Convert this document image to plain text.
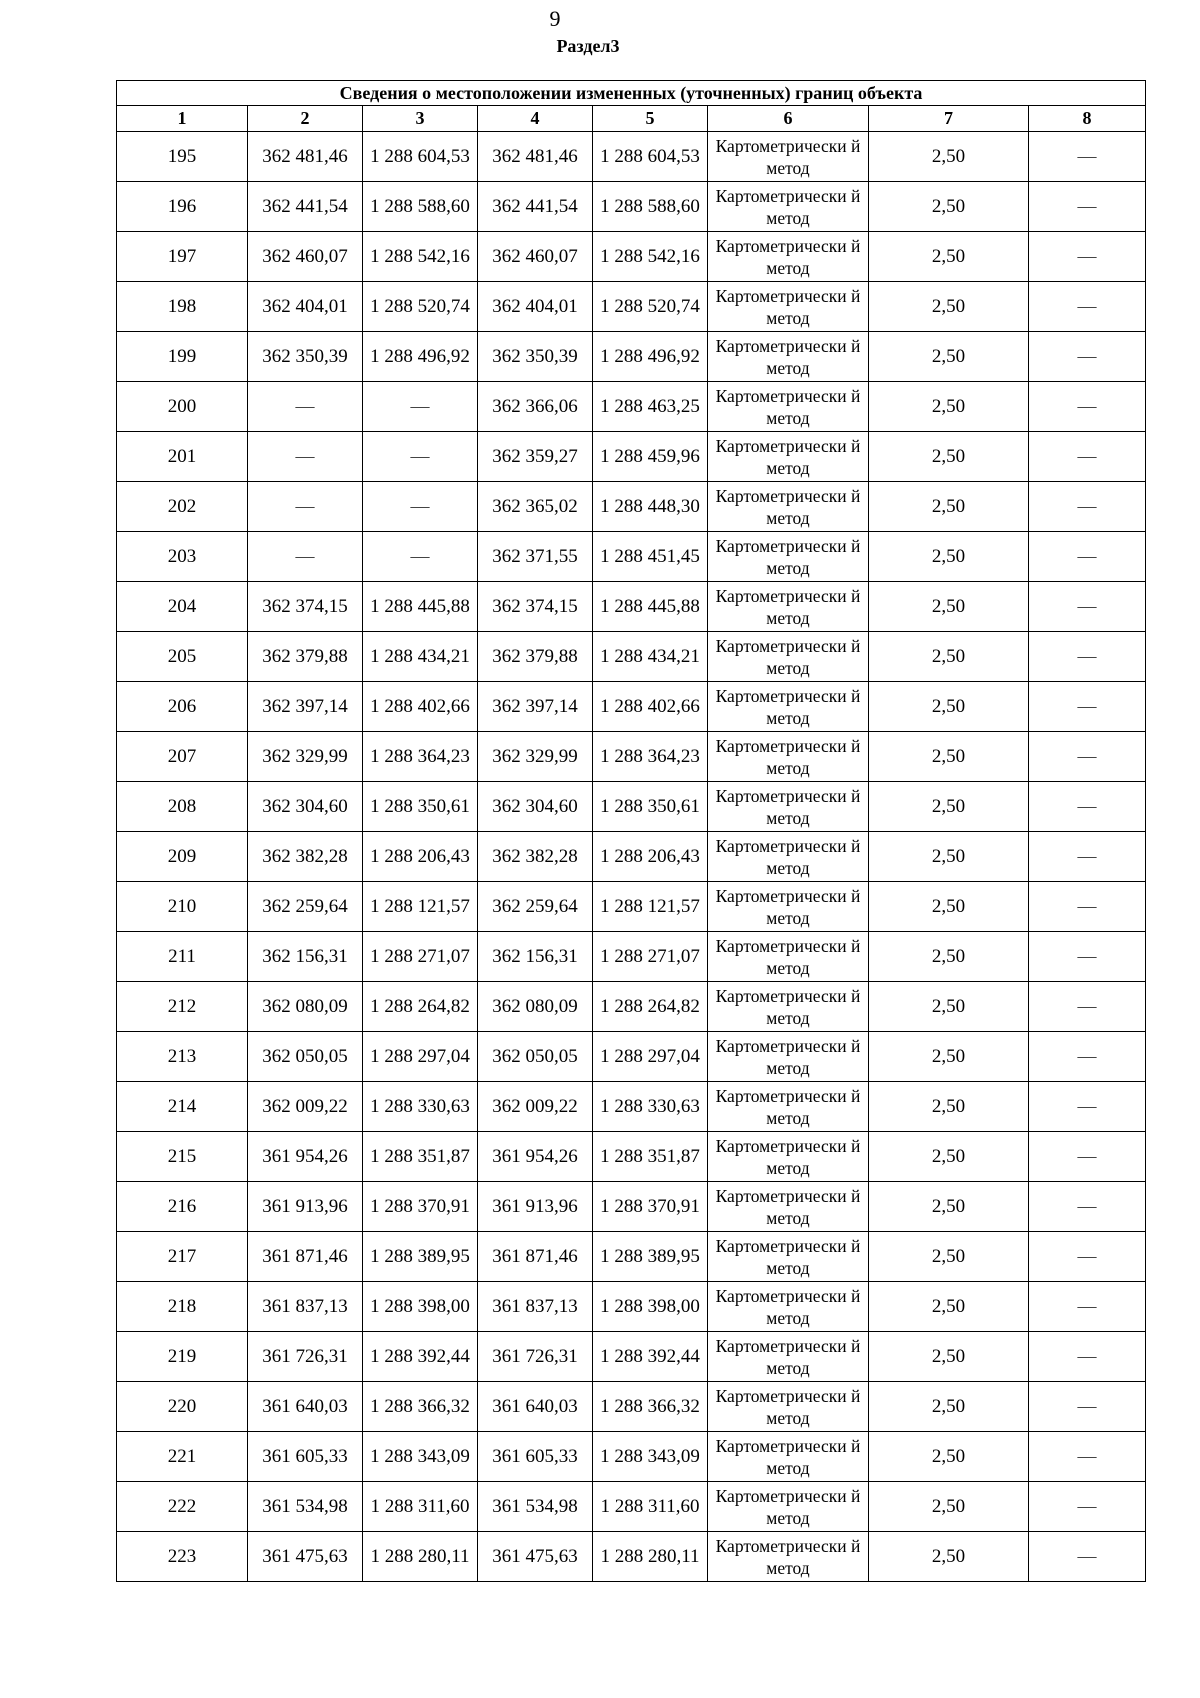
9
Раздел3
Сведения о местоположении измененных (уточненных) границ объекта							
1	2	3	4	5	6	7	8
195	362 481,46	1 288 604,53	362 481,46	1 288 604,53	Картометрически й метод	2,50	—
196	362 441,54	1 288 588,60	362 441,54	1 288 588,60	Картометрически й метод	2,50	—
197	362 460,07	1 288 542,16	362 460,07	1 288 542,16	Картометрически й метод	2,50	—
198	362 404,01	1 288 520,74	362 404,01	1 288 520,74	Картометрически й метод	2,50	—
199	362 350,39	1 288 496,92	362 350,39	1 288 496,92	Картометрически й метод	2,50	—
200	—	—	362 366,06	1 288 463,25	Картометрически й метод	2,50	—
201	—	—	362 359,27	1 288 459,96	Картометрически й метод	2,50	—
202	—	—	362 365,02	1 288 448,30	Картометрически й метод	2,50	—
203	—	—	362 371,55	1 288 451,45	Картометрически й метод	2,50	—
204	362 374,15	1 288 445,88	362 374,15	1 288 445,88	Картометрически й метод	2,50	—
205	362 379,88	1 288 434,21	362 379,88	1 288 434,21	Картометрически й метод	2,50	—
206	362 397,14	1 288 402,66	362 397,14	1 288 402,66	Картометрически й метод	2,50	—
207	362 329,99	1 288 364,23	362 329,99	1 288 364,23	Картометрически й метод	2,50	—
208	362 304,60	1 288 350,61	362 304,60	1 288 350,61	Картометрически й метод	2,50	—
209	362 382,28	1 288 206,43	362 382,28	1 288 206,43	Картометрически й метод	2,50	—
210	362 259,64	1 288 121,57	362 259,64	1 288 121,57	Картометрически й метод	2,50	—
211	362 156,31	1 288 271,07	362 156,31	1 288 271,07	Картометрически й метод	2,50	—
212	362 080,09	1 288 264,82	362 080,09	1 288 264,82	Картометрически й метод	2,50	—
213	362 050,05	1 288 297,04	362 050,05	1 288 297,04	Картометрически й метод	2,50	—
214	362 009,22	1 288 330,63	362 009,22	1 288 330,63	Картометрически й метод	2,50	—
215	361 954,26	1 288 351,87	361 954,26	1 288 351,87	Картометрически й метод	2,50	—
216	361 913,96	1 288 370,91	361 913,96	1 288 370,91	Картометрически й метод	2,50	—
217	361 871,46	1 288 389,95	361 871,46	1 288 389,95	Картометрически й метод	2,50	—
218	361 837,13	1 288 398,00	361 837,13	1 288 398,00	Картометрически й метод	2,50	—
219	361 726,31	1 288 392,44	361 726,31	1 288 392,44	Картометрически й метод	2,50	—
220	361 640,03	1 288 366,32	361 640,03	1 288 366,32	Картометрически й метод	2,50	—
221	361 605,33	1 288 343,09	361 605,33	1 288 343,09	Картометрически й метод	2,50	—
222	361 534,98	1 288 311,60	361 534,98	1 288 311,60	Картометрически й метод	2,50	—
223	361 475,63	1 288 280,11	361 475,63	1 288 280,11	Картометрически й метод	2,50	—
